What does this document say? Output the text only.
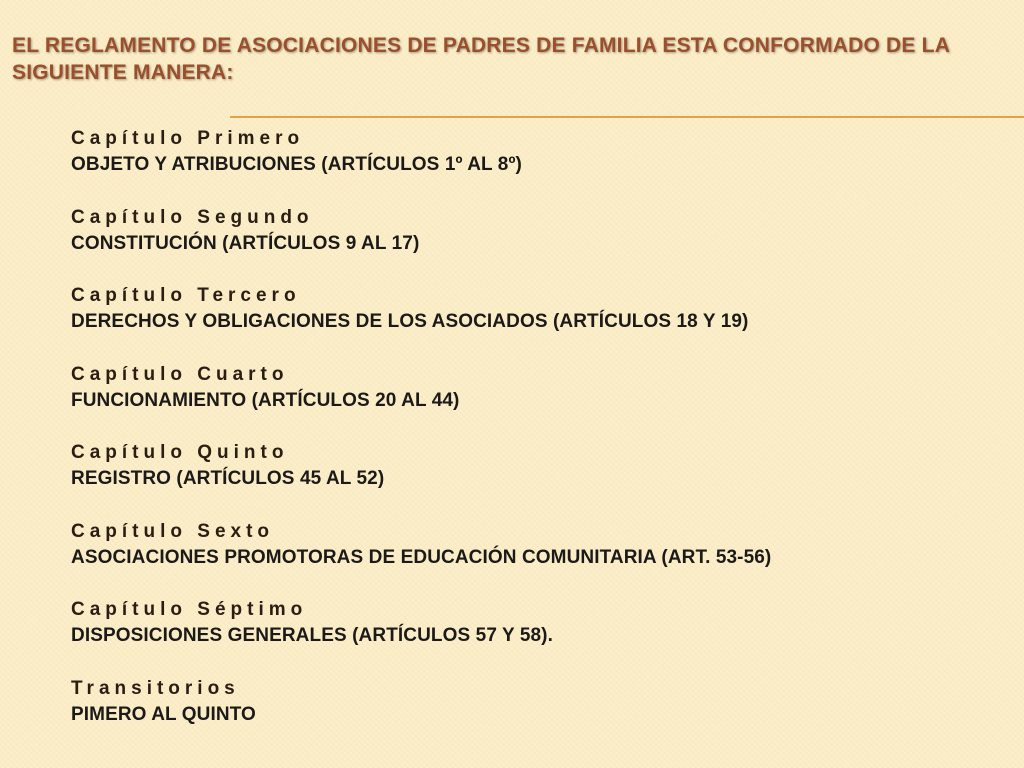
EL REGLAMENTO DE ASOCIACIONES DE PADRES DE FAMILIA ESTA CONFORMADO DE LA SIGUIENTE MANERA:
Capítulo Primero
OBJETO Y ATRIBUCIONES (ARTÍCULOS 1º AL 8º)
Capítulo Segundo
CONSTITUCIÓN (ARTÍCULOS 9 AL 17)
Capítulo Tercero
DERECHOS Y OBLIGACIONES DE LOS ASOCIADOS (ARTÍCULOS 18 Y 19)
Capítulo Cuarto
FUNCIONAMIENTO (ARTÍCULOS 20 AL 44)
Capítulo Quinto
REGISTRO (ARTÍCULOS 45 AL 52)
Capítulo Sexto
ASOCIACIONES PROMOTORAS DE EDUCACIÓN COMUNITARIA (ART. 53-56)
Capítulo Séptimo
DISPOSICIONES GENERALES (ARTÍCULOS 57 Y 58).
Transitorios
PIMERO AL QUINTO
